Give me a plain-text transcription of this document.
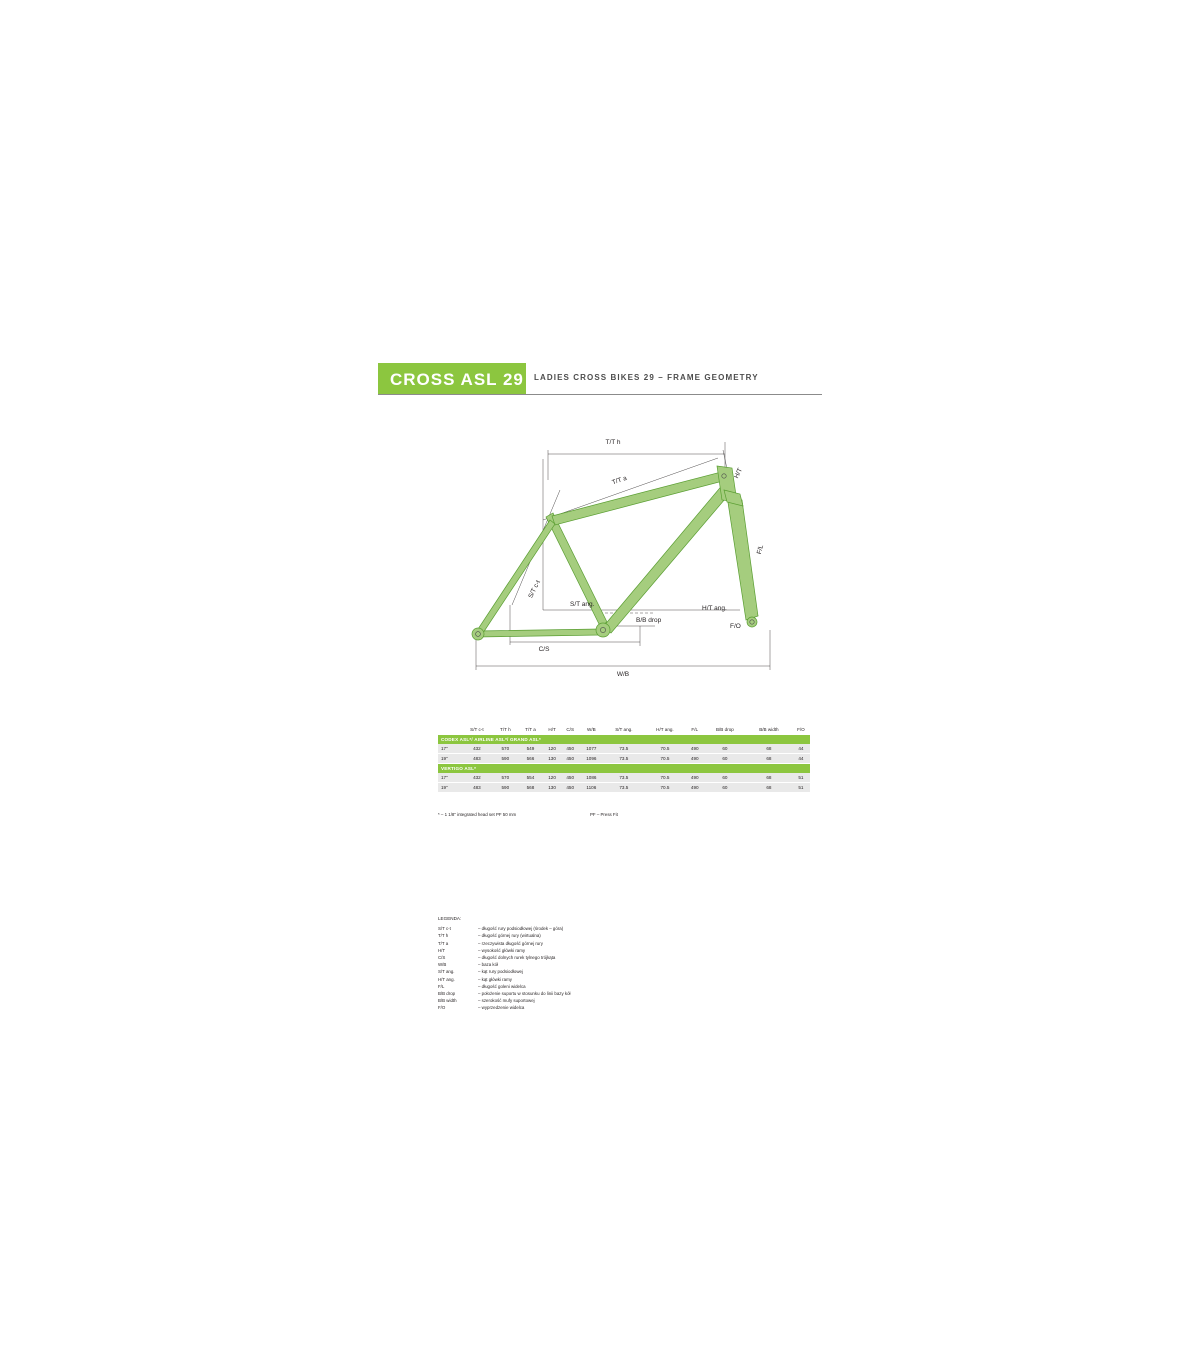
CROSS ASL 29 LADIES CROSS BIKES 29 – FRAME GEOMETRY
T/T h
T/T a
H/T
F/L
S/T c-t
S/T ang.
H/T ang.
B/B drop
F/O
C/S
W/B
	S/T c-t	T/T h	T/T a	H/T	C/S	W/B	S/T ang.	H/T ang.	F/L	B/B drop	B/B width	F/O
CODEX ASL*/ AIRLINE ASL*/ GRAND ASL*												
17"	432	570	549	120	450	1077	73.5	70.5	490	60	68	44
19"	483	590	566	130	450	1096	73.5	70.5	490	60	68	44
VERTIGO ASL*												
17"	432	570	554	120	450	1086	73.5	70.5	490	60	68	51
19"	483	590	568	130	450	1106	73.5	70.5	490	60	68	51
* – 1 1/8" integrated head set PF 50 mm	PF – Press Fit
LEGENDA:
S/T c-t	– długość rury podsiodłowej (środek – góra)
T/T h	– długość górnej rury (wirtualna)
T/T a	– rzeczywista długość górnej rury
H/T	– wysokość główki ramy
C/S	– długość dolnych rurek tylnego trójkąta
W/B	– baza kół
S/T ang.	– kąt rury podsiodłowej
H/T ang.	– kąt główki ramy
F/L	– długość goleni widelca
B/B drop	– położenie suportu w stosunku do linii bazy kół
B/B width	– szerokość mufy suportowej
F/O	– wyprzedzenie widelca
